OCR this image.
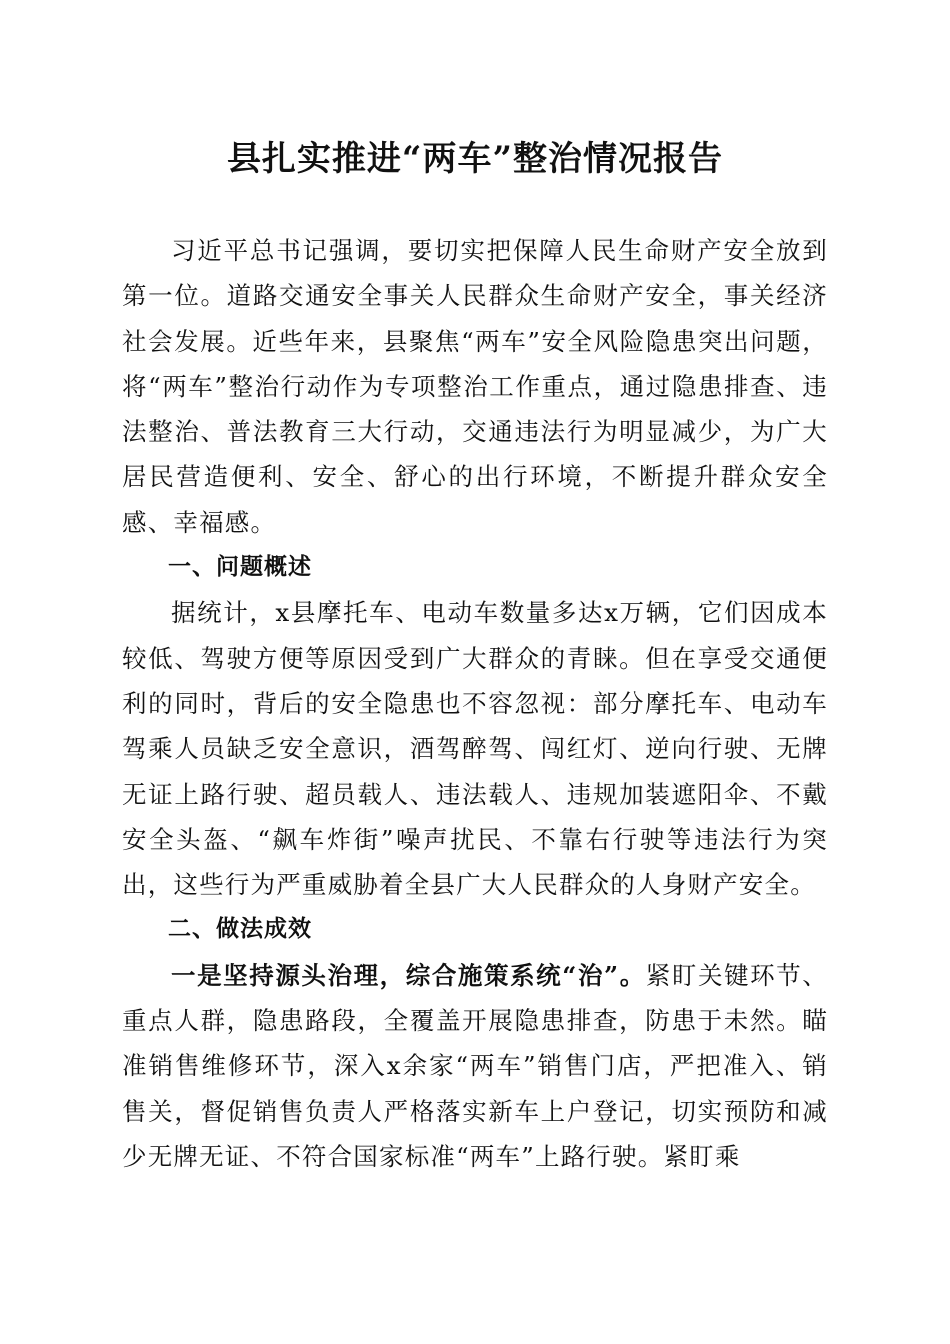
县扎实推进“两车”整治情况报告

习近平总书记强调，要切实把保障人民生命财产安全放到第一位。道路交通安全事关人民群众生命财产安全，事关经济社会发展。近些年来，县聚焦“两车”安全风险隐患突出问题，将“两车”整治行动作为专项整治工作重点，通过隐患排查、违法整治、普法教育三大行动，交通违法行为明显减少，为广大居民营造便利、安全、舒心的出行环境，不断提升群众安全感、幸福感。

一、问题概述

据统计，x县摩托车、电动车数量多达x万辆，它们因成本较低、驾驶方便等原因受到广大群众的青睐。但在享受交通便利的同时，背后的安全隐患也不容忽视：部分摩托车、电动车驾乘人员缺乏安全意识，酒驾醉驾、闯红灯、逆向行驶、无牌无证上路行驶、超员载人、违法载人、违规加装遮阳伞、不戴安全头盔、“飙车炸街”噪声扰民、不靠右行驶等违法行为突出，这些行为严重威胁着全县广大人民群众的人身财产安全。

二、做法成效

一是坚持源头治理，综合施策系统“治”。紧盯关键环节、重点人群，隐患路段，全覆盖开展隐患排查，防患于未然。瞄准销售维修环节，深入x余家“两车”销售门店，严把准入、销售关，督促销售负责人严格落实新车上户登记，切实预防和减少无牌无证、不符合国家标准“两车”上路行驶。紧盯乘
